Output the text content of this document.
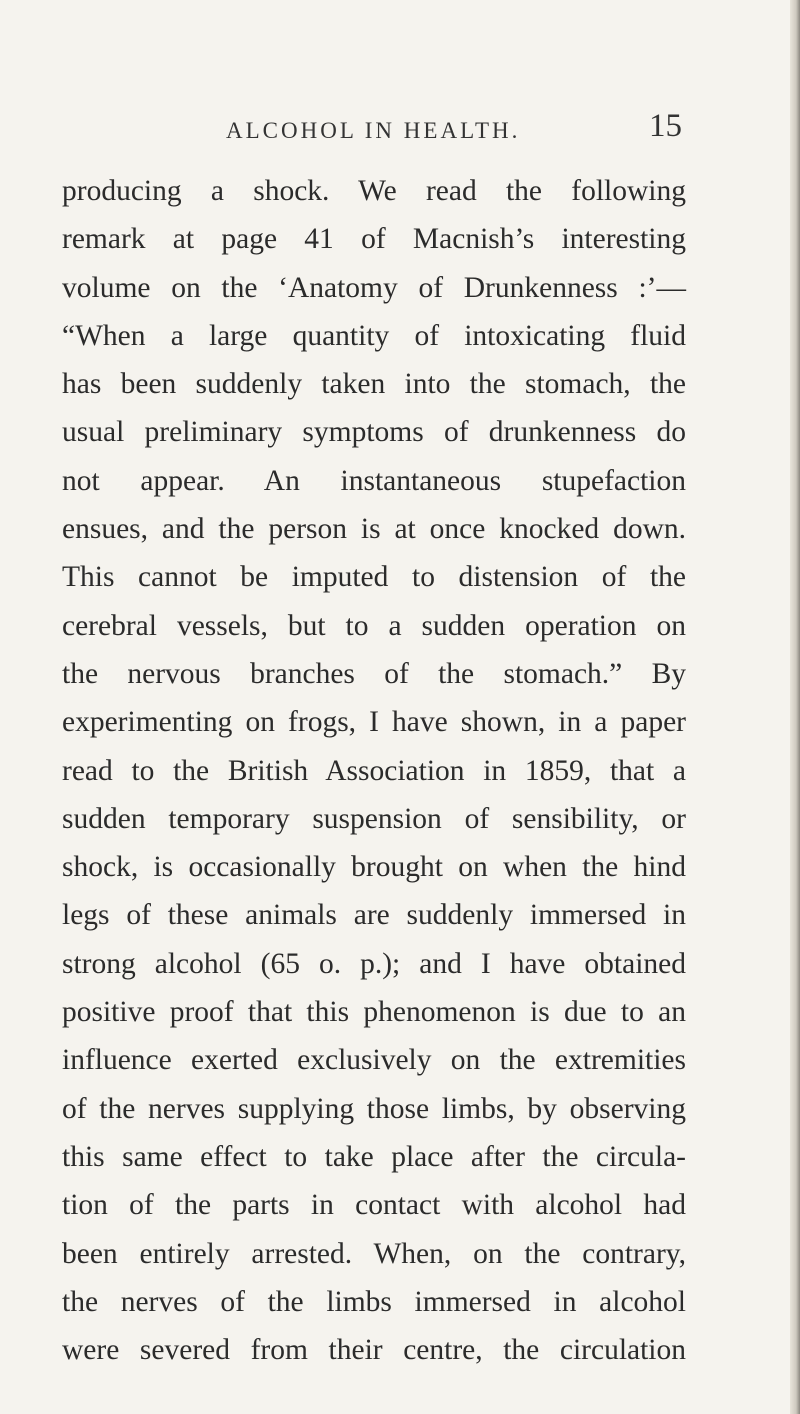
ALCOHOL IN HEALTH.	15
producing a shock. We read the following
remark at page 41 of Macnish’s interesting
volume on the ‘Anatomy of Drunkenness :’—
“When a large quantity of intoxicating fluid
has been suddenly taken into the stomach, the
usual preliminary symptoms of drunkenness do
not appear. An instantaneous stupefaction
ensues, and the person is at once knocked down.
This cannot be imputed to distension of the
cerebral vessels, but to a sudden operation on
the nervous branches of the stomach.” By
experimenting on frogs, I have shown, in a paper
read to the British Association in 1859, that a
sudden temporary suspension of sensibility, or
shock, is occasionally brought on when the hind
legs of these animals are suddenly immersed in
strong alcohol (65 o. p.); and I have obtained
positive proof that this phenomenon is due to an
influence exerted exclusively on the extremities
of the nerves supplying those limbs, by observing
this same effect to take place after the circula-
tion of the parts in contact with alcohol had
been entirely arrested. When, on the contrary,
the nerves of the limbs immersed in alcohol
were severed from their centre, the circulation
